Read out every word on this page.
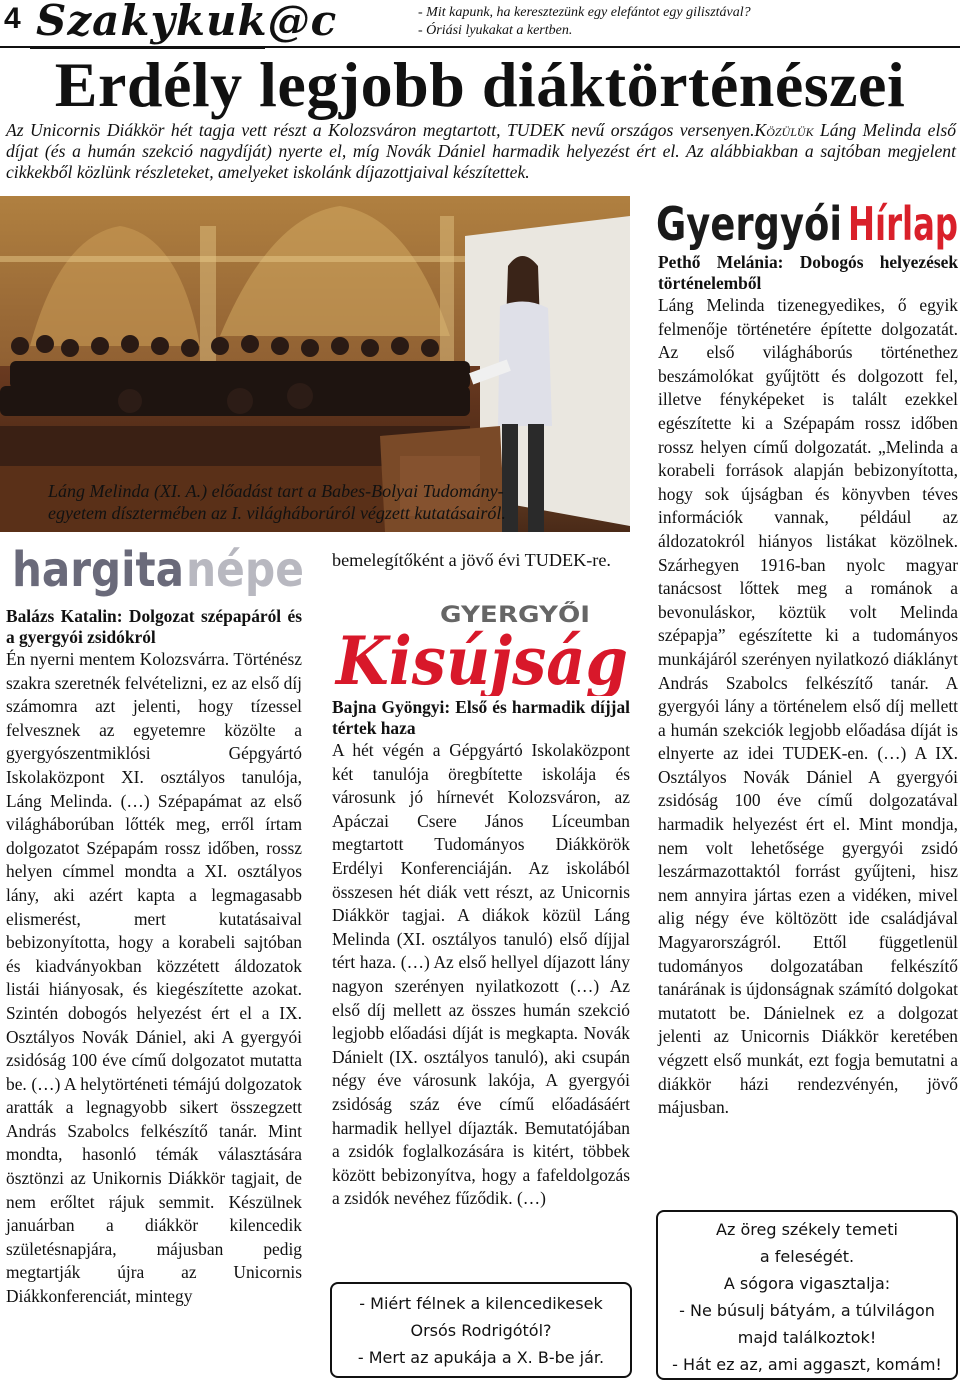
4 Szakykuk@c	- Mit kapunk, ha keresztezünk egy elefántot egy gilisztával?
- Óriási lyukakat a kertben.
Erdély legjobb diáktörténészei
Az Unicornis Diákkör hét tagja vett részt a Kolozsváron megtartott, TUDEK nevű országos versenyen.Közülük Láng Melinda első díjat (és a humán szekció nagydíját) nyerte el, míg Novák Dániel harmadik helyezést ért el. Az alábbiakban a sajtóban megjelent cikkekből közlünk részleteket, amelyeket iskolánk díjazottjaival készítettek.
Láng Melinda (XI. A.) előadást tart a Babes-Bolyai Tudomány-
egyetem dísztermében az I. világháborúról végzett kutatásairól.
Gyergyói Hírlap
hargita népe
GYERGYŐI
Kisújság
Balázs Katalin: Dolgozat szépapáról és a gyergyói zsidókról

Én nyerni mentem Kolozsvárra. Történész szakra szeretnék felvételizni, ez az első díj számomra azt jelenti, hogy tízessel felvesznek az egyetemre közölte a gyergyószentmiklósi Gépgyártó Iskolaközpont XI. osztályos tanulója, Láng Melinda. (…) Szépapámat az első világháborúban lőtték meg, erről írtam dolgozatot Szépapám rossz időben, rossz helyen címmel mondta a XI. osztályos lány, aki azért kapta a legmagasabb elismerést, mert kutatásaival bebizonyította, hogy a korabeli sajtóban és kiadványokban közzétett áldozatok listái hiányosak, és kiegészítette azokat. Szintén dobogós helyezést ért el a IX. Osztályos Novák Dániel, aki A gyergyói zsidóság 100 éve című dolgozatot mutatta be. (…) A helytörténeti témájú dolgozatok aratták a legnagyobb sikert összegzett András Szabolcs felkészítő tanár. Mint mondta, hasonló témák választására ösztönzi az Unikornis Diákkör tagjait, de nem erőltet rájuk semmit. Készülnek januárban a diákkör kilencedik születésnapjára, májusban pedig megtartják újra az Unicornis Diákkonferenciát, mintegy

bemelegítőként a jövő évi TUDEK-re.
Bajna Gyöngyi: Első és harmadik díjjal tértek haza

A hét végén a Gépgyártó Iskolaközpont két tanulója öregbítette iskolája és városunk jó hírnevét Kolozsváron, az Apáczai Csere János Líceumban megtartott Tudományos Diákkörök Erdélyi Konferenciáján. Az iskolából összesen hét diák vett részt, az Unicornis Diákkör tagjai. A diákok közül Láng Melinda (XI. osztályos tanuló) első díjjal tért haza. (…) Az első hellyel díjazott lány nagyon szerényen nyilatkozott (…) Az első díj mellett az összes humán szekció legjobb előadási díját is megkapta. Novák Dánielt (IX. osztályos tanuló), aki csupán négy éve városunk lakója, A gyergyói zsidóság száz éve című előadásáért harmadik hellyel díjazták. Bemutatójában a zsidók foglalkozására is kitért, többek között bebizonyítva, hogy a fafeldolgozás a zsidók nevéhez fűződik. (…)

Pethő Melánia: Dobogós helyezések történelemből

Láng Melinda tizenegyedikes, ő egyik felmenője történetére építette dolgozatát. Az első világháborús történethez beszámolókat gyűjtött és dolgozott fel, illetve fényképeket is talált ezekkel egészítette ki a Szépapám rossz időben rossz helyen című dolgozatát. „Melinda a korabeli források alapján bebizonyította, hogy sok újságban és könyvben téves információk vannak, például az áldozatokról hiányos listákat közölnek. Szárhegyen 1916-ban nyolc magyar tanácsost lőttek meg a románok a bevonuláskor, köztük volt Melinda szépapja” egészítette ki a tudományos munkájáról szerényen nyilatkozó diáklányt András Szabolcs felkészítő tanár. A gyergyói lány a történelem első díj mellett a humán szekciók legjobb előadása díját is elnyerte az idei TUDEK-en. (…) A IX. Osztályos Novák Dániel A gyergyói zsidóság 100 éve című dolgozatával harmadik helyezést ért el. Mint mondja, nem volt lehetősége gyergyói zsidó leszármazottaktól forrást gyűjteni, hisz nem annyira jártas ezen a vidéken, mivel alig négy éve költözött ide családjával Magyarországról. Ettől függetlenül tudományos dolgozatában felkészítő tanárának is újdonságnak számító dolgokat mutatott be. Dánielnek ez a dolgozat jelenti az Unicornis Diákkör keretében végzett első munkát, ezt fogja bemutatni a diákkör házi rendezvényén, jövő májusban.

- Miért félnek a kilencedikesek
Orsós Rodrigótól?
- Mert az apukája a X. B-be jár.
Az öreg székely temeti
a feleségét.
A sógora vigasztalja:
- Ne búsulj bátyám, a túlvilágon
majd találkoztok!
- Hát ez az, ami aggaszt, komám!
